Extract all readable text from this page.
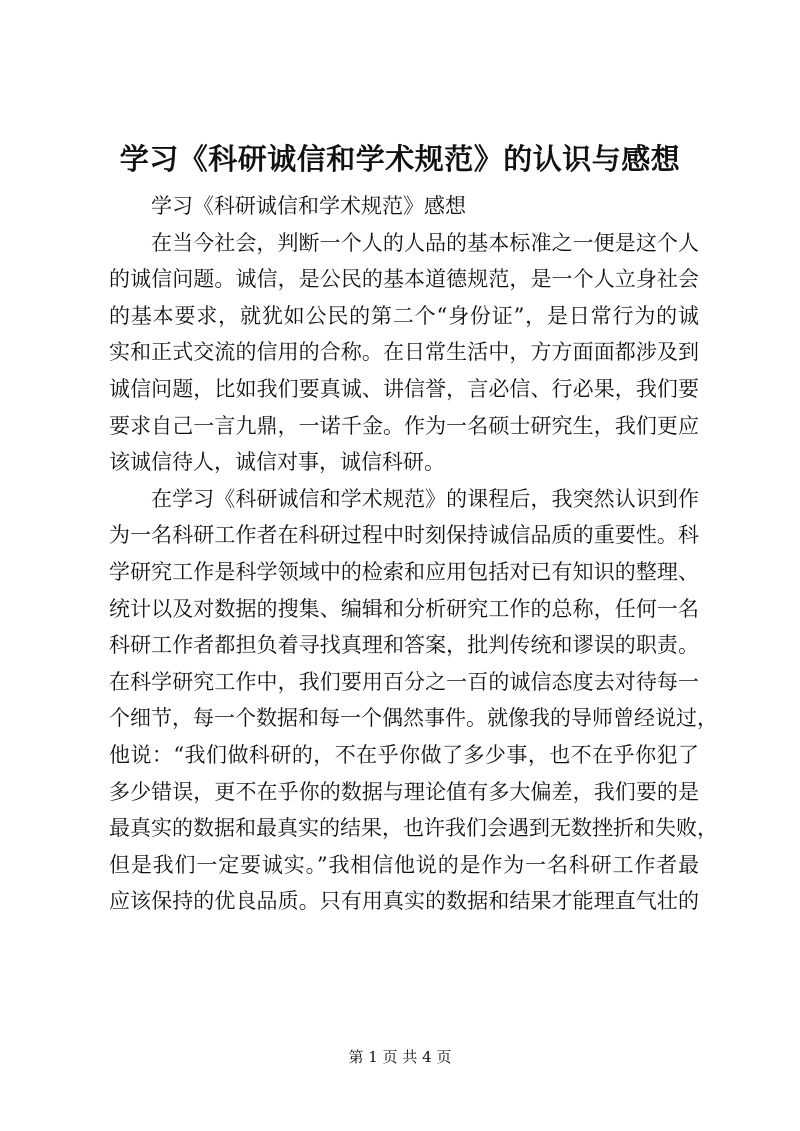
学习《科研诚信和学术规范》的认识与感想
学习《科研诚信和学术规范》感想
在当今社会，判断一个人的人品的基本标准之一便是这个人
的诚信问题。诚信，是公民的基本道德规范，是一个人立身社会
的基本要求，就犹如公民的第二个“身份证”，是日常行为的诚
实和正式交流的信用的合称。在日常生活中，方方面面都涉及到
诚信问题，比如我们要真诚、讲信誉，言必信、行必果，我们要
要求自己一言九鼎，一诺千金。作为一名硕士研究生，我们更应
该诚信待人，诚信对事，诚信科研。
在学习《科研诚信和学术规范》的课程后，我突然认识到作
为一名科研工作者在科研过程中时刻保持诚信品质的重要性。科
学研究工作是科学领域中的检索和应用包括对已有知识的整理、
统计以及对数据的搜集、编辑和分析研究工作的总称，任何一名
科研工作者都担负着寻找真理和答案，批判传统和谬误的职责。
在科学研究工作中，我们要用百分之一百的诚信态度去对待每一
个细节，每一个数据和每一个偶然事件。就像我的导师曾经说过，
他说：“我们做科研的，不在乎你做了多少事，也不在乎你犯了
多少错误，更不在乎你的数据与理论值有多大偏差，我们要的是
最真实的数据和最真实的结果，也许我们会遇到无数挫折和失败，
但是我们一定要诚实。”我相信他说的是作为一名科研工作者最
应该保持的优良品质。只有用真实的数据和结果才能理直气壮的
第 1 页 共 4 页
